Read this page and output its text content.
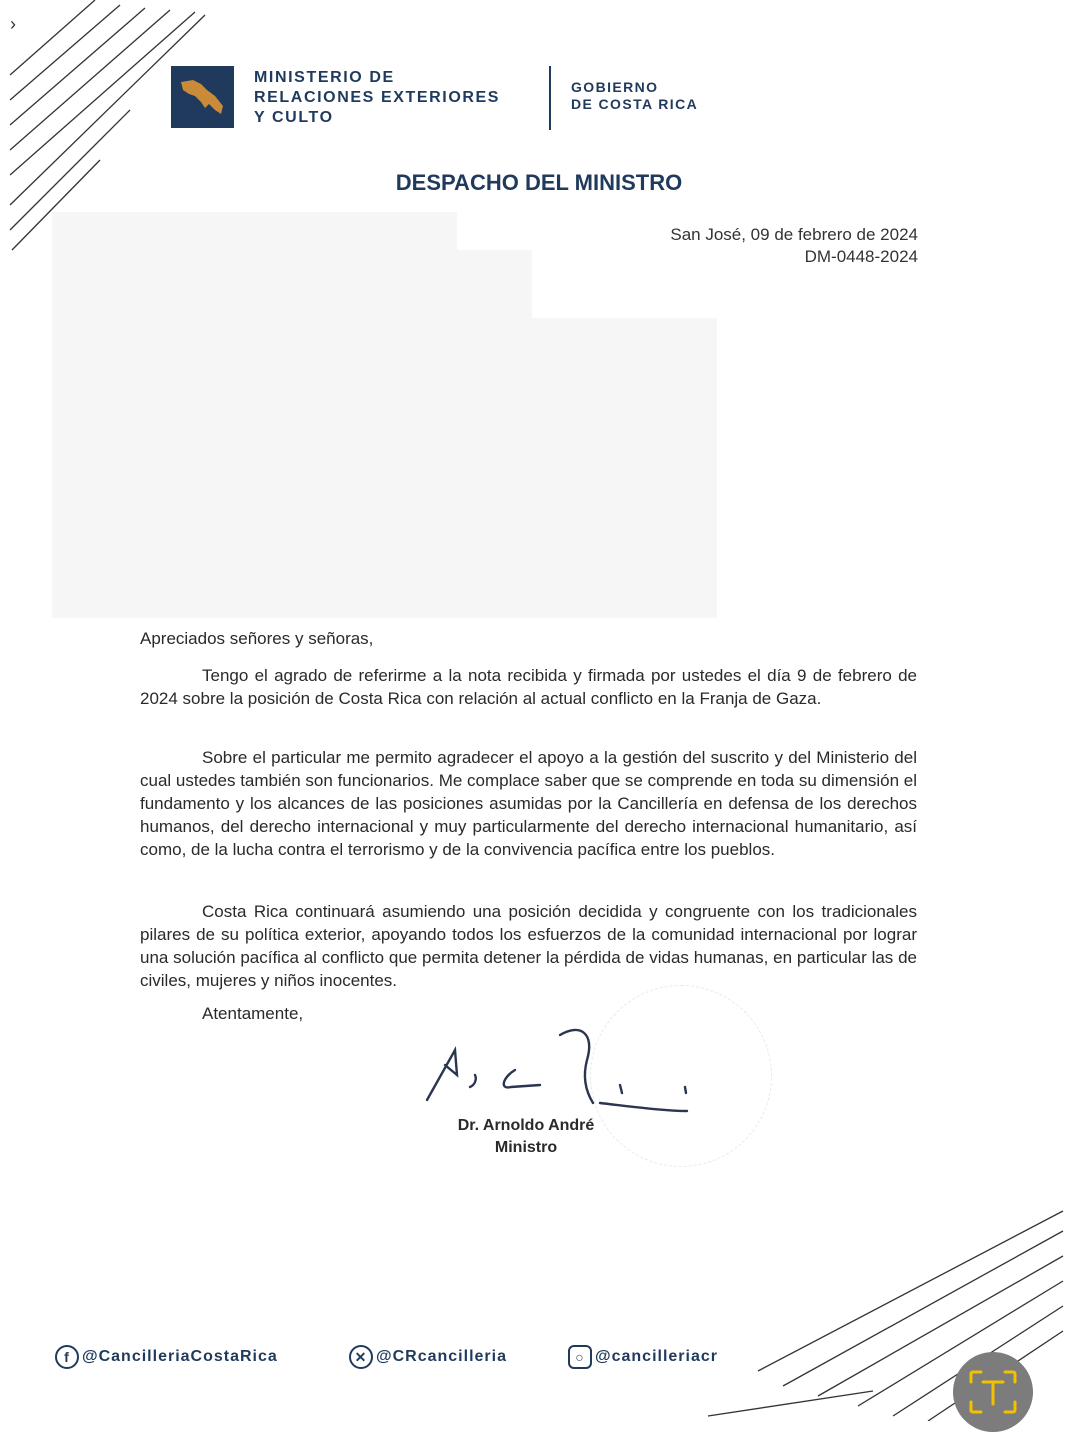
›
MINISTERIO DE
RELACIONES EXTERIORES
Y CULTO
GOBIERNO
DE COSTA RICA
DESPACHO DEL MINISTRO
San José, 09 de febrero de 2024
DM-0448-2024
Apreciados señores y señoras,

Tengo el agrado de referirme a la nota recibida y firmada por ustedes el día 9 de febrero de 2024 sobre la posición de Costa Rica con relación al actual conflicto en la Franja de Gaza.

Sobre el particular me permito agradecer el apoyo a la gestión del suscrito y del Ministerio del cual ustedes también son funcionarios. Me complace saber que se comprende en toda su dimensión el fundamento y los alcances de las posiciones asumidas por la Cancillería en defensa de los derechos humanos, del derecho internacional y muy particularmente del derecho internacional humanitario, así como, de la lucha contra el terrorismo y de la convivencia pacífica entre los pueblos.

Costa Rica continuará asumiendo una posición decidida y congruente con los tradicionales pilares de su política exterior, apoyando todos los esfuerzos de la comunidad internacional por lograr una solución pacífica al conflicto que permita detener la pérdida de vidas humanas, en particular las de civiles, mujeres y niños inocentes.

Atentamente,
Dr. Arnoldo André
Ministro
f @CancilleriaCostaRica	✕ @CRcancilleria	○ @cancilleriacr
